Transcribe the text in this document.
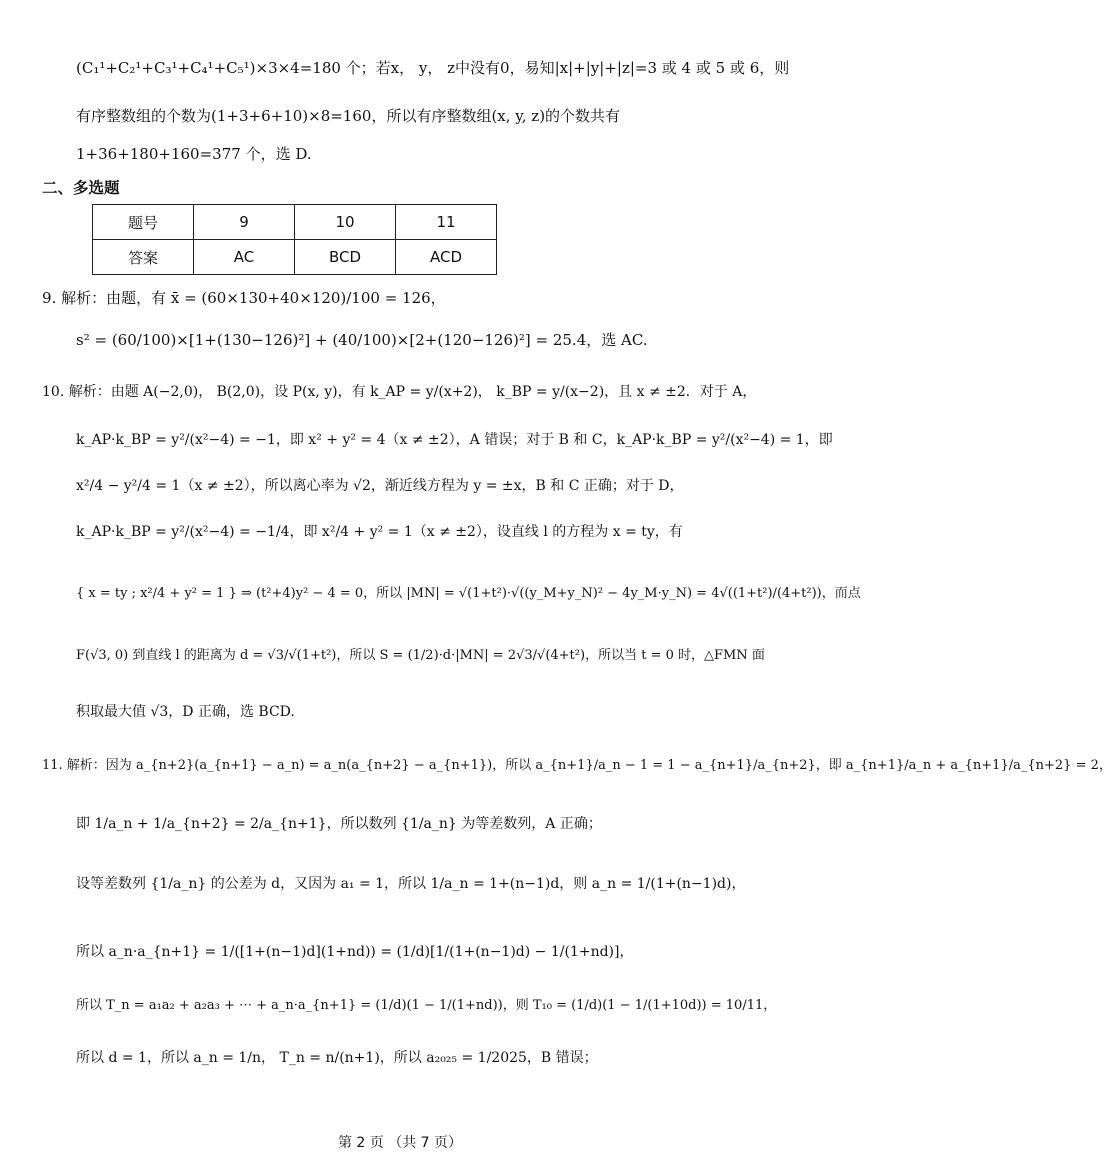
(C₁¹+C₂¹+C₃¹+C₄¹+C₅¹)×3×4=180 个；若x， y， z中没有0，易知|x|+|y|+|z|=3 或 4 或 5 或 6，则
有序整数组的个数为(1+3+6+10)×8=160，所以有序整数组(x, y, z)的个数共有
1+36+180+160=377 个，选 D.
二、多选题
题号	9	10	11
答案	AC	BCD	ACD
9. 解析：由题，有 x̄ = (60×130+40×120)/100 = 126，
s² = (60/100)×[1+(130−126)²] + (40/100)×[2+(120−126)²] = 25.4，选 AC.
10. 解析：由题 A(−2,0)， B(2,0)，设 P(x, y)，有 k_AP = y/(x+2)， k_BP = y/(x−2)，且 x ≠ ±2．对于 A，
k_AP·k_BP = y²/(x²−4) = −1，即 x² + y² = 4（x ≠ ±2），A 错误；对于 B 和 C，k_AP·k_BP = y²/(x²−4) = 1，即
x²/4 − y²/4 = 1（x ≠ ±2），所以离心率为 √2，渐近线方程为 y = ±x，B 和 C 正确；对于 D，
k_AP·k_BP = y²/(x²−4) = −1/4，即 x²/4 + y² = 1（x ≠ ±2），设直线 l 的方程为 x = ty，有
{ x = ty ; x²/4 + y² = 1 } ⇒ (t²+4)y² − 4 = 0，所以 |MN| = √(1+t²)·√((y_M+y_N)² − 4y_M·y_N) = 4√((1+t²)/(4+t²))，而点
F(√3, 0) 到直线 l 的距离为 d = √3/√(1+t²)，所以 S = (1/2)·d·|MN| = 2√3/√(4+t²)，所以当 t = 0 时，△FMN 面
积取最大值 √3，D 正确，选 BCD.
11. 解析：因为 a_{n+2}(a_{n+1} − a_n) = a_n(a_{n+2} − a_{n+1})，所以 a_{n+1}/a_n − 1 = 1 − a_{n+1}/a_{n+2}，即 a_{n+1}/a_n + a_{n+1}/a_{n+2} = 2，
即 1/a_n + 1/a_{n+2} = 2/a_{n+1}，所以数列 {1/a_n} 为等差数列，A 正确；
设等差数列 {1/a_n} 的公差为 d，又因为 a₁ = 1，所以 1/a_n = 1+(n−1)d，则 a_n = 1/(1+(n−1)d)，
所以 a_n·a_{n+1} = 1/([1+(n−1)d](1+nd)) = (1/d)[1/(1+(n−1)d) − 1/(1+nd)]，
所以 T_n = a₁a₂ + a₂a₃ + ⋯ + a_n·a_{n+1} = (1/d)(1 − 1/(1+nd))，则 T₁₀ = (1/d)(1 − 1/(1+10d)) = 10/11，
所以 d = 1，所以 a_n = 1/n， T_n = n/(n+1)，所以 a₂₀₂₅ = 1/2025，B 错误；
第 2 页 （共 7 页）
